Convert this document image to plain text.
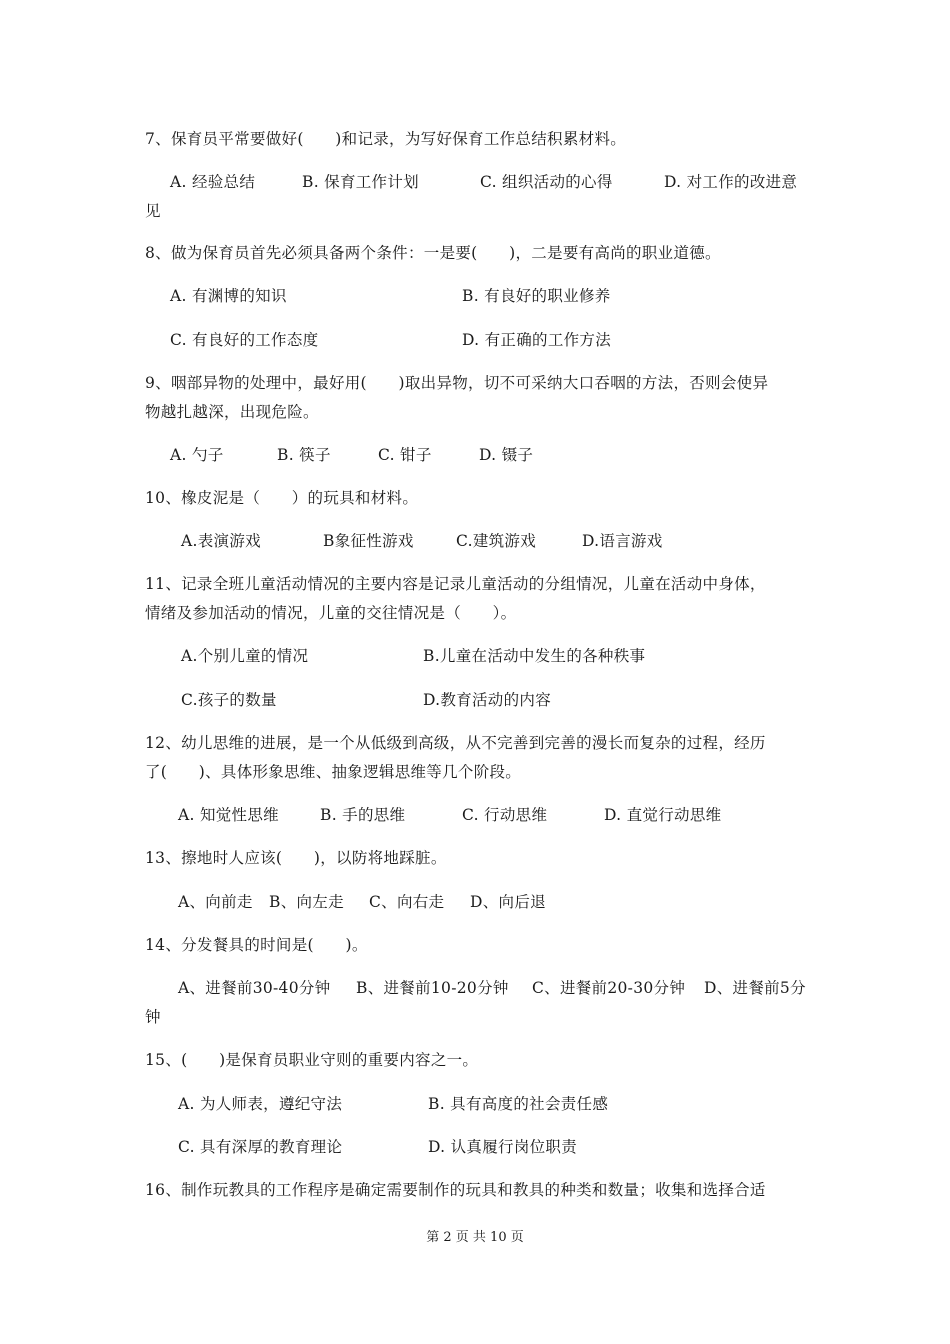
7、保育员平常要做好(　　)和记录，为写好保育工作总结积累材料。
A. 经验总结	B. 保育工作计划	C. 组织活动的心得	D. 对工作的改进意
见
8、做为保育员首先必须具备两个条件：一是要(　　)，二是要有高尚的职业道德。
A. 有渊博的知识	B. 有良好的职业修养
C. 有良好的工作态度	D. 有正确的工作方法
9、咽部异物的处理中，最好用(　　)取出异物，切不可采纳大口吞咽的方法，否则会使异
物越扎越深，出现危险。
A. 勺子	B. 筷子	C. 钳子	D. 镊子
10、橡皮泥是（　　）的玩具和材料。
A.表演游戏	B象征性游戏	C.建筑游戏	D.语言游戏
11、记录全班儿童活动情况的主要内容是记录儿童活动的分组情况，儿童在活动中身体，
情绪及参加活动的情况，儿童的交往情况是（　　）。
A.个别儿童的情况	B.儿童在活动中发生的各种秩事
C.孩子的数量	D.教育活动的内容
12、幼儿思维的进展，是一个从低级到高级，从不完善到完善的漫长而复杂的过程，经历
了(　　)、具体形象思维、抽象逻辑思维等几个阶段。
A. 知觉性思维	B. 手的思维	C. 行动思维	D. 直觉行动思维
13、擦地时人应该(　　)，以防将地踩脏。
A、向前走 B、向左走 C、向右走 D、向后退
14、分发餐具的时间是(　　)。
A、进餐前30-40分钟 B、进餐前10-20分钟 C、进餐前20-30分钟 D、进餐前5分
钟
15、(　　)是保育员职业守则的重要内容之一。
A. 为人师表，遵纪守法	B. 具有高度的社会责任感
C. 具有深厚的教育理论	D. 认真履行岗位职责
16、制作玩教具的工作程序是确定需要制作的玩具和教具的种类和数量；收集和选择合适
第 2 页 共 10 页
